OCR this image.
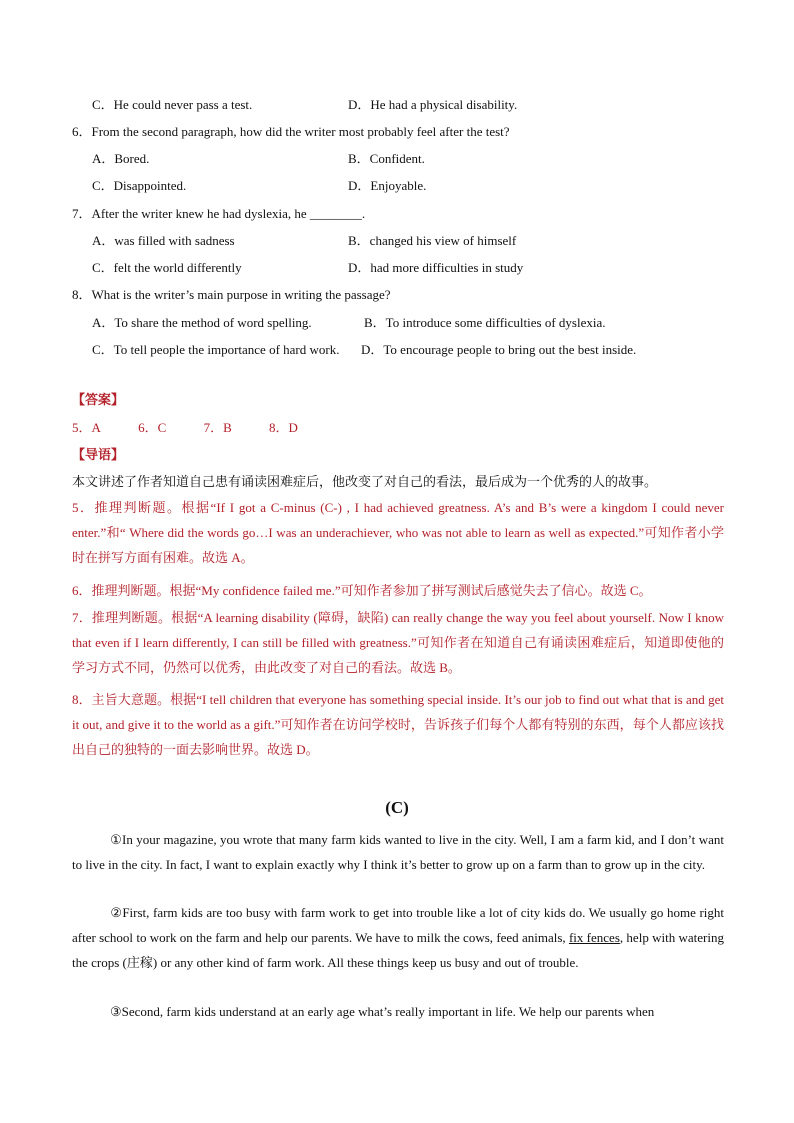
C．He could never pass a test.	D．He had a physical disability.
6．From the second paragraph, how did the writer most probably feel after the test?
A．Bored.	B．Confident.
C．Disappointed.	D．Enjoyable.
7．After the writer knew he had dyslexia, he ________.
A．was filled with sadness	B．changed his view of himself
C．felt the world differently	D．had more difficulties in study
8．What is the writer’s main purpose in writing the passage?
A．To share the method of word spelling.	B．To introduce some difficulties of dyslexia.
C．To tell people the importance of hard work. D．To encourage people to bring out the best inside.
【答案】
5．A	6．C	7．B	8．D
【导语】
本文讲述了作者知道自己患有诵读困难症后，他改变了对自己的看法，最后成为一个优秀的人的故事。
5．推理判断题。根据“If I got a C-minus (C-) , I had achieved greatness. A’s and B’s were a kingdom I could never enter.”和“ Where did the words go…I was an underachiever, who was not able to learn as well as expected.”可知作者小学时在拼写方面有困难。故选 A。
6．推理判断题。根据“My confidence failed me.”可知作者参加了拼写测试后感觉失去了信心。故选 C。
7．推理判断题。根据“A learning disability (障碍，缺陷) can really change the way you feel about yourself. Now I know that even if I learn differently, I can still be filled with greatness.”可知作者在知道自己有诵读困难症后，知道即使他的学习方式不同，仍然可以优秀，由此改变了对自己的看法。故选 B。
8．主旨大意题。根据“I tell children that everyone has something special inside. It’s our job to find out what that is and get it out, and give it to the world as a gift.”可知作者在访问学校时，告诉孩子们每个人都有特别的东西，每个人都应该找出自己的独特的一面去影响世界。故选 D。
(C)
①In your magazine, you wrote that many farm kids wanted to live in the city. Well, I am a farm kid, and I don’t want to live in the city. In fact, I want to explain exactly why I think it’s better to grow up on a farm than to grow up in the city.
②First, farm kids are too busy with farm work to get into trouble like a lot of city kids do. We usually go home right after school to work on the farm and help our parents. We have to milk the cows, feed animals, fix fences, help with watering the crops (庄稼) or any other kind of farm work. All these things keep us busy and out of trouble.
③Second, farm kids understand at an early age what’s really important in life. We help our parents when
